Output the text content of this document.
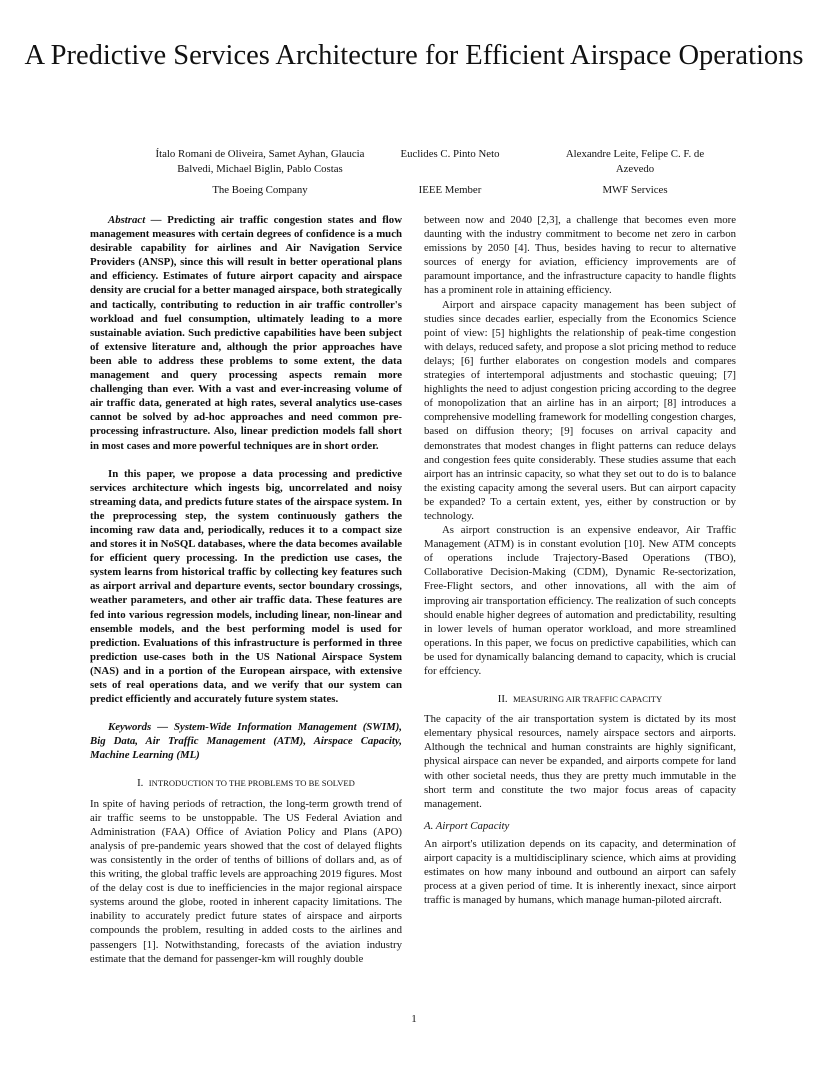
A Predictive Services Architecture for Efficient Airspace Operations
Ítalo Romani de Oliveira, Samet Ayhan, Glaucia Balvedi, Michael Biglin, Pablo Costas
The Boeing Company
Euclides C. Pinto Neto
IEEE Member
Alexandre Leite, Felipe C. F. de Azevedo
MWF Services

Abstract — Predicting air traffic congestion states and flow management measures with certain degrees of confidence is a much desirable capability for airlines and Air Navigation Service Providers (ANSP), since this will result in better operational plans and efficiency. Estimates of future airport capacity and airspace density are crucial for a better managed airspace, both strategically and tactically, contributing to reduction in air traffic controller's workload and fuel consumption, ultimately leading to a more sustainable aviation. Such predictive capabilities have been subject of extensive literature and, although the prior approaches have been able to address these problems to some extent, the data management and query processing aspects remain more challenging than ever. With a vast and ever-increasing volume of air traffic data, generated at high rates, several analytics use-cases cannot be solved by ad-hoc approaches and need common pre-processing infrastructure. Also, linear prediction models fall short in most cases and more powerful techniques are in short order.

In this paper, we propose a data processing and predictive services architecture which ingests big, uncorrelated and noisy streaming data, and predicts future states of the airspace system. In the preprocessing step, the system continuously gathers the incoming raw data and, periodically, reduces it to a compact size and stores it in NoSQL databases, where the data becomes available for efficient query processing. In the prediction use cases, the system learns from historical traffic by collecting key features such as airport arrival and departure events, sector boundary crossings, weather parameters, and other air traffic data. These features are fed into various regression models, including linear, non-linear and ensemble models, and the best performing model is used for prediction. Evaluations of this infrastructure is performed in three prediction use-cases both in the US National Airspace System (NAS) and in a portion of the European airspace, with extensive sets of real operations data, and we verify that our system can predict efficiently and accurately future system states.

Keywords — System-Wide Information Management (SWIM), Big Data, Air Traffic Management (ATM), Airspace Capacity, Machine Learning (ML)

I. INTRODUCTION TO THE PROBLEMS TO BE SOLVED

In spite of having periods of retraction, the long-term growth trend of air traffic seems to be unstoppable. The US Federal Aviation and Administration (FAA) Office of Aviation Policy and Plans (APO) analysis of pre-pandemic years showed that the cost of delayed flights was consistently in the order of tenths of billions of dollars and, as of this writing, the global traffic levels are approaching 2019 figures. Most of the delay cost is due to inefficiencies in the major regional airspace systems around the globe, rooted in inherent capacity limitations. The inability to accurately predict future states of airspace and airports compounds the problem, resulting in added costs to the airlines and passengers [1]. Notwithstanding, forecasts of the aviation industry estimate that the demand for passenger-km will roughly double

between now and 2040 [2,3], a challenge that becomes even more daunting with the industry commitment to become net zero in carbon emissions by 2050 [4]. Thus, besides having to recur to alternative sources of energy for aviation, efficiency improvements are of paramount importance, and the infrastructure capacity to handle flights has a prominent role in attaining efficiency.

Airport and airspace capacity management has been subject of studies since decades earlier, especially from the Economics Science point of view: [5] highlights the relationship of peak-time congestion with delays, reduced safety, and propose a slot pricing method to reduce delays; [6] further elaborates on congestion models and compares strategies of intertemporal adjustments and stochastic queuing; [7] highlights the need to adjust congestion pricing according to the degree of monopolization that an airline has in an airport; [8] introduces a comprehensive modelling framework for modelling congestion charges, based on diffusion theory; [9] focuses on arrival capacity and demonstrates that modest changes in flight patterns can reduce delays and congestion fees quite considerably. These studies assume that each airport has an intrinsic capacity, so what they set out to do is to balance the existing capacity among the several users. But can airport capacity be expanded? To a certain extent, yes, either by construction or by technology.

As airport construction is an expensive endeavor, Air Traffic Management (ATM) is in constant evolution [10]. New ATM concepts of operations include Trajectory-Based Operations (TBO), Collaborative Decision-Making (CDM), Dynamic Re-sectorization, Free-Flight sectors, and other innovations, all with the aim of improving air transportation efficiency. The realization of such concepts should enable higher degrees of automation and predictability, resulting in lower levels of human operator workload, and more streamlined operations. In this paper, we focus on predictive capabilities, which can be used for dynamically balancing demand to capacity, which is crucial for effciency.

II. MEASURING AIR TRAFFIC CAPACITY

The capacity of the air transportation system is dictated by its most elementary physical resources, namely airspace sectors and airports. Although the technical and human constraints are highly significant, physical airspace can never be expanded, and airports compete for land with other societal needs, thus they are pretty much immutable in the short term and constitute the two major focus areas of capacity management.

A. Airport Capacity

An airport's utilization depends on its capacity, and determination of airport capacity is a multidisciplinary science, which aims at providing estimates on how many inbound and outbound an airport can safely process at a given period of time. It is inherently inexact, since airport traffic is managed by humans, which manage human-piloted aircraft.

1
